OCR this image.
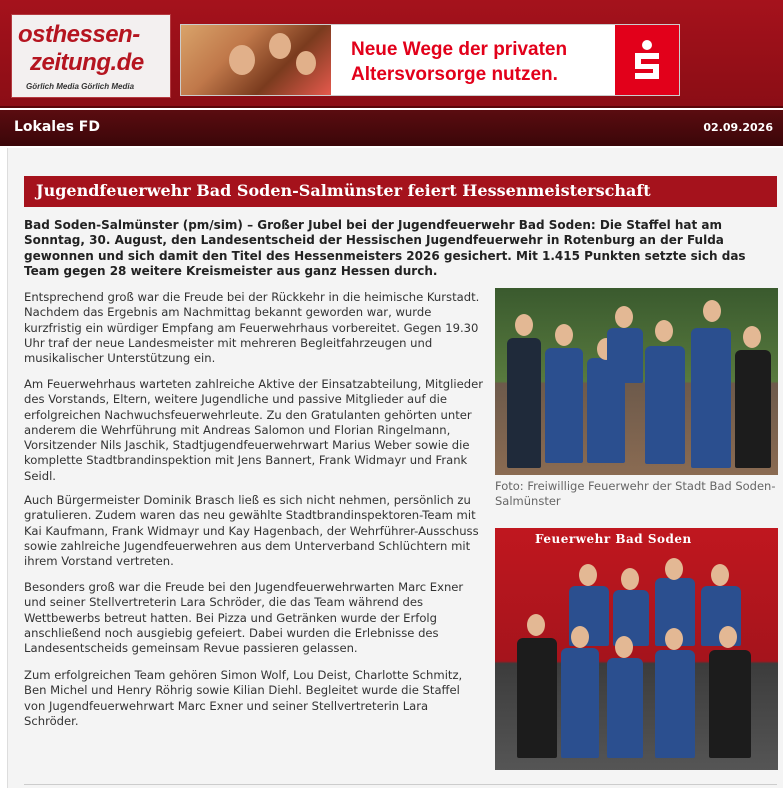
osthessen-
zeitung.de
Görlich Media Görlich Media
Neue Wege der privaten
Altersvorsorge nutzen.
Lokales FD	02.09.2026
Jugendfeuerwehr Bad Soden-Salmünster feiert Hessenmeisterschaft
Bad Soden-Salmünster (pm/sim) – Großer Jubel bei der Jugendfeuerwehr Bad Soden: Die Staffel hat am Sonntag, 30. August, den Landesentscheid der Hessischen Jugendfeuerwehr in Rotenburg an der Fulda gewonnen und sich damit den Titel des Hessenmeisters 2026 gesichert. Mit 1.415 Punkten setzte sich das Team gegen 28 weitere Kreismeister aus ganz Hessen durch.
Entsprechend groß war die Freude bei der Rückkehr in die heimische Kurstadt. Nachdem das Ergebnis am Nachmittag bekannt geworden war, wurde kurzfristig ein würdiger Empfang am Feuerwehrhaus vorbereitet. Gegen 19.30 Uhr traf der neue Landesmeister mit mehreren Begleitfahrzeugen und musikalischer Unterstützung ein.
Am Feuerwehrhaus warteten zahlreiche Aktive der Einsatzabteilung, Mitglieder des Vorstands, Eltern, weitere Jugendliche und passive Mitglieder auf die erfolgreichen Nachwuchsfeuerwehrleute. Zu den Gratulanten gehörten unter anderem die Wehrführung mit Andreas Salomon und Florian Ringelmann, Vorsitzender Nils Jaschik, Stadtjugendfeuerwehrwart Marius Weber sowie die komplette Stadtbrandinspektion mit Jens Bannert, Frank Widmayr und Frank Seidl.
Auch Bürgermeister Dominik Brasch ließ es sich nicht nehmen, persönlich zu gratulieren. Zudem waren das neu gewählte Stadtbrandinspektoren-Team mit Kai Kaufmann, Frank Widmayr und Kay Hagenbach, der Wehrführer-Ausschuss sowie zahlreiche Jugendfeuerwehren aus dem Unterverband Schlüchtern mit ihrem Vorstand vertreten.
Besonders groß war die Freude bei den Jugendfeuerwehrwarten Marc Exner und seiner Stellvertreterin Lara Schröder, die das Team während des Wettbewerbs betreut hatten. Bei Pizza und Getränken wurde der Erfolg anschließend noch ausgiebig gefeiert. Dabei wurden die Erlebnisse des Landesentscheids gemeinsam Revue passieren gelassen.
Zum erfolgreichen Team gehören Simon Wolf, Lou Deist, Charlotte Schmitz, Ben Michel und Henry Röhrig sowie Kilian Diehl. Begleitet wurde die Staffel von Jugendfeuerwehrwart Marc Exner und seiner Stellvertreterin Lara Schröder.
Foto: Freiwillige Feuerwehr der Stadt Bad Soden-Salmünster
Feuerwehr Bad Soden
